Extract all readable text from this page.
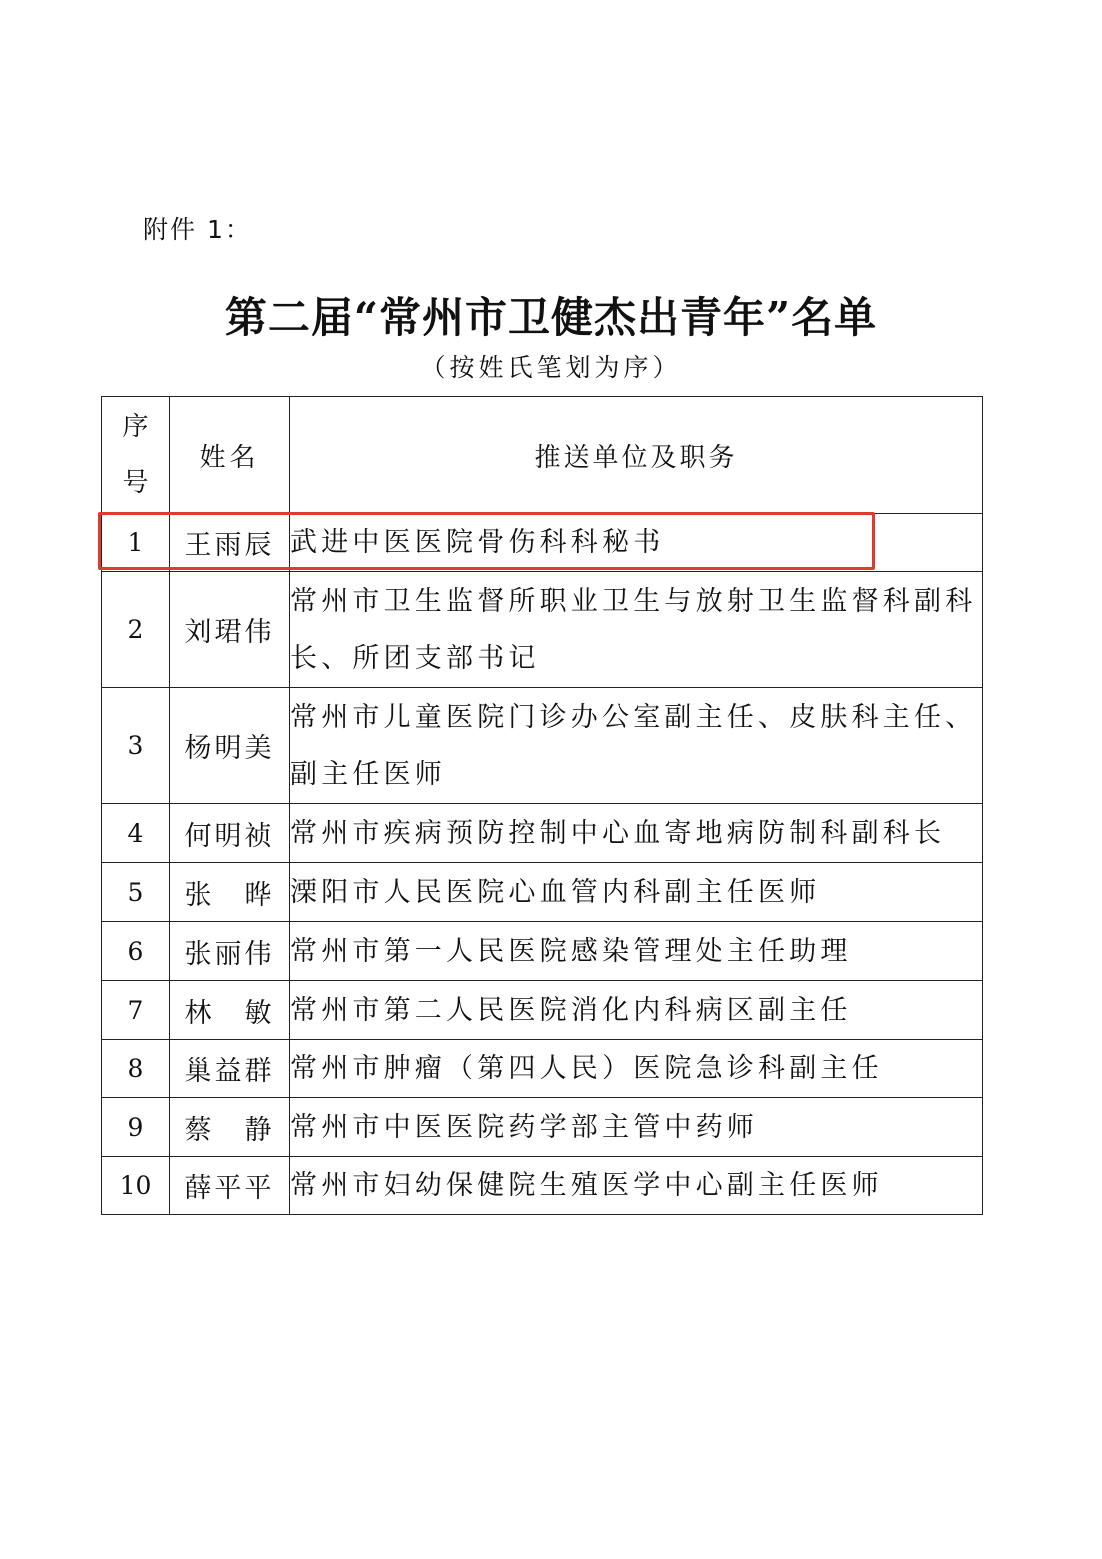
附件 1：
第二届“常州市卫健杰出青年”名单
（按姓氏笔划为序）
序
号	姓名	推送单位及职务
1	王雨辰	武进中医医院骨伤科科秘书
2	刘珺伟	常州市卫生监督所职业卫生与放射卫生监督科副科长、所团支部书记
3	杨明美	常州市儿童医院门诊办公室副主任、皮肤科主任、副主任医师
4	何明祯	常州市疾病预防控制中心血寄地病防制科副科长
5	张　晔	溧阳市人民医院心血管内科副主任医师
6	张丽伟	常州市第一人民医院感染管理处主任助理
7	林　敏	常州市第二人民医院消化内科病区副主任
8	巢益群	常州市肿瘤（第四人民）医院急诊科副主任
9	蔡　静	常州市中医医院药学部主管中药师
10	薛平平	常州市妇幼保健院生殖医学中心副主任医师
